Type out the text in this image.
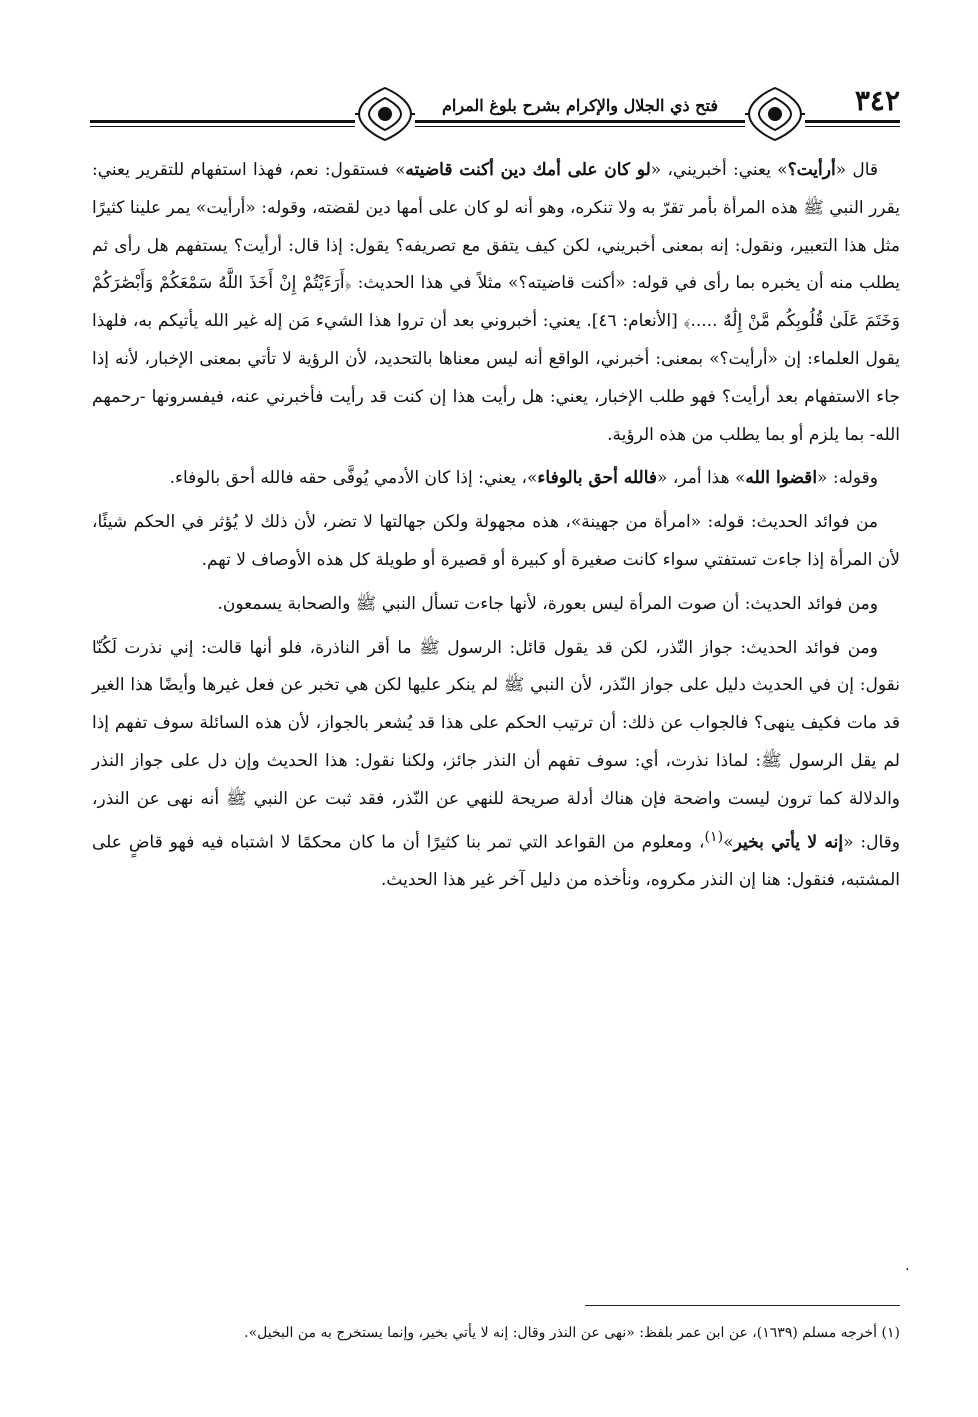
فتح ذي الجلال والإكرام بشرح بلوغ المرام	٣٤٢

قال «أرأيت؟» يعني: أخبريني، «لو كان على أمك دين أكنت قاضيته» فستقول: نعم، فهذا استفهام للتقرير يعني: يقرر النبي ﷺ هذه المرأة بأمر تقرّ به ولا تنكره، وهو أنه لو كان على أمها دين لقضته، وقوله: «أرأيت» يمر علينا كثيرًا مثل هذا التعبير، ونقول: إنه بمعنى أخبريني، لكن كيف يتفق مع تصريفه؟ يقول: إذا قال: أرأيت؟ يستفهم هل رأى ثم يطلب منه أن يخبره بما رأى في قوله: «أكنت قاضيته؟» مثلاً في هذا الحديث: ﴿أَرَءَيْتُمْ إِنْ أَخَذَ اللَّهُ سَمْعَكُمْ وَأَبْصَٰرَكُمْ وَخَتَمَ عَلَىٰ قُلُوبِكُم مَّنْ إِلَٰهٌ .....﴾ [الأنعام: ٤٦]. يعني: أخبروني بعد أن تروا هذا الشيء مَن إله غير الله يأتيكم به، فلهذا يقول العلماء: إن «أرأيت؟» بمعنى: أخبرني، الواقع أنه ليس معناها بالتحديد، لأن الرؤية لا تأتي بمعنى الإخبار، لأنه إذا جاء الاستفهام بعد أرأيت؟ فهو طلب الإخبار، يعني: هل رأيت هذا إن كنت قد رأيت فأخبرني عنه، فيفسرونها -رحمهم الله- بما يلزم أو بما يطلب من هذه الرؤية.

وقوله: «اقضوا الله» هذا أمر، «فالله أحق بالوفاء»، يعني: إذا كان الأدمي يُوفَّى حقه فالله أحق بالوفاء.

من فوائد الحديث: قوله: «امرأة من جهينة»، هذه مجهولة ولكن جهالتها لا تضر، لأن ذلك لا يُؤثر في الحكم شيئًا، لأن المرأة إذا جاءت تستفتي سواء كانت صغيرة أو كبيرة أو قصيرة أو طويلة كل هذه الأوصاف لا تهم.

ومن فوائد الحديث: أن صوت المرأة ليس بعورة، لأنها جاءت تسأل النبي ﷺ والصحابة يسمعون.

ومن فوائد الحديث: جواز النّذر، لكن قد يقول قائل: الرسول ﷺ ما أقر الناذرة، فلو أنها قالت: إني نذرت لَكُنّا نقول: إن في الحديث دليل على جواز النّذر، لأن النبي ﷺ لم ينكر عليها لكن هي تخبر عن فعل غيرها وأيضًا هذا الغير قد مات فكيف ينهى؟ فالجواب عن ذلك: أن ترتيب الحكم على هذا قد يُشعر بالجواز، لأن هذه السائلة سوف تفهم إذا لم يقل الرسول ﷺ: لماذا نذرت، أي: سوف تفهم أن النذر جائز، ولكنا نقول: هذا الحديث وإن دل على جواز النذر والدلالة كما ترون ليست واضحة فإن هناك أدلة صريحة للنهي عن النّذر، فقد ثبت عن النبي ﷺ أنه نهى عن النذر، وقال: «إنه لا يأتي بخير»$^{(١)}$، ومعلوم من القواعد التي تمر بنا كثيرًا أن ما كان محكمًا لا اشتباه فيه فهو قاضٍ على المشتبه، فنقول: هنا إن النذر مكروه، ونأخذه من دليل آخر غير هذا الحديث.

.
(١) أخرجه مسلم (١٦٣٩)، عن ابن عمر بلفظ: «نهى عن النذر وقال: إنه لا يأتي بخير، وإنما يستخرج به من البخيل».
